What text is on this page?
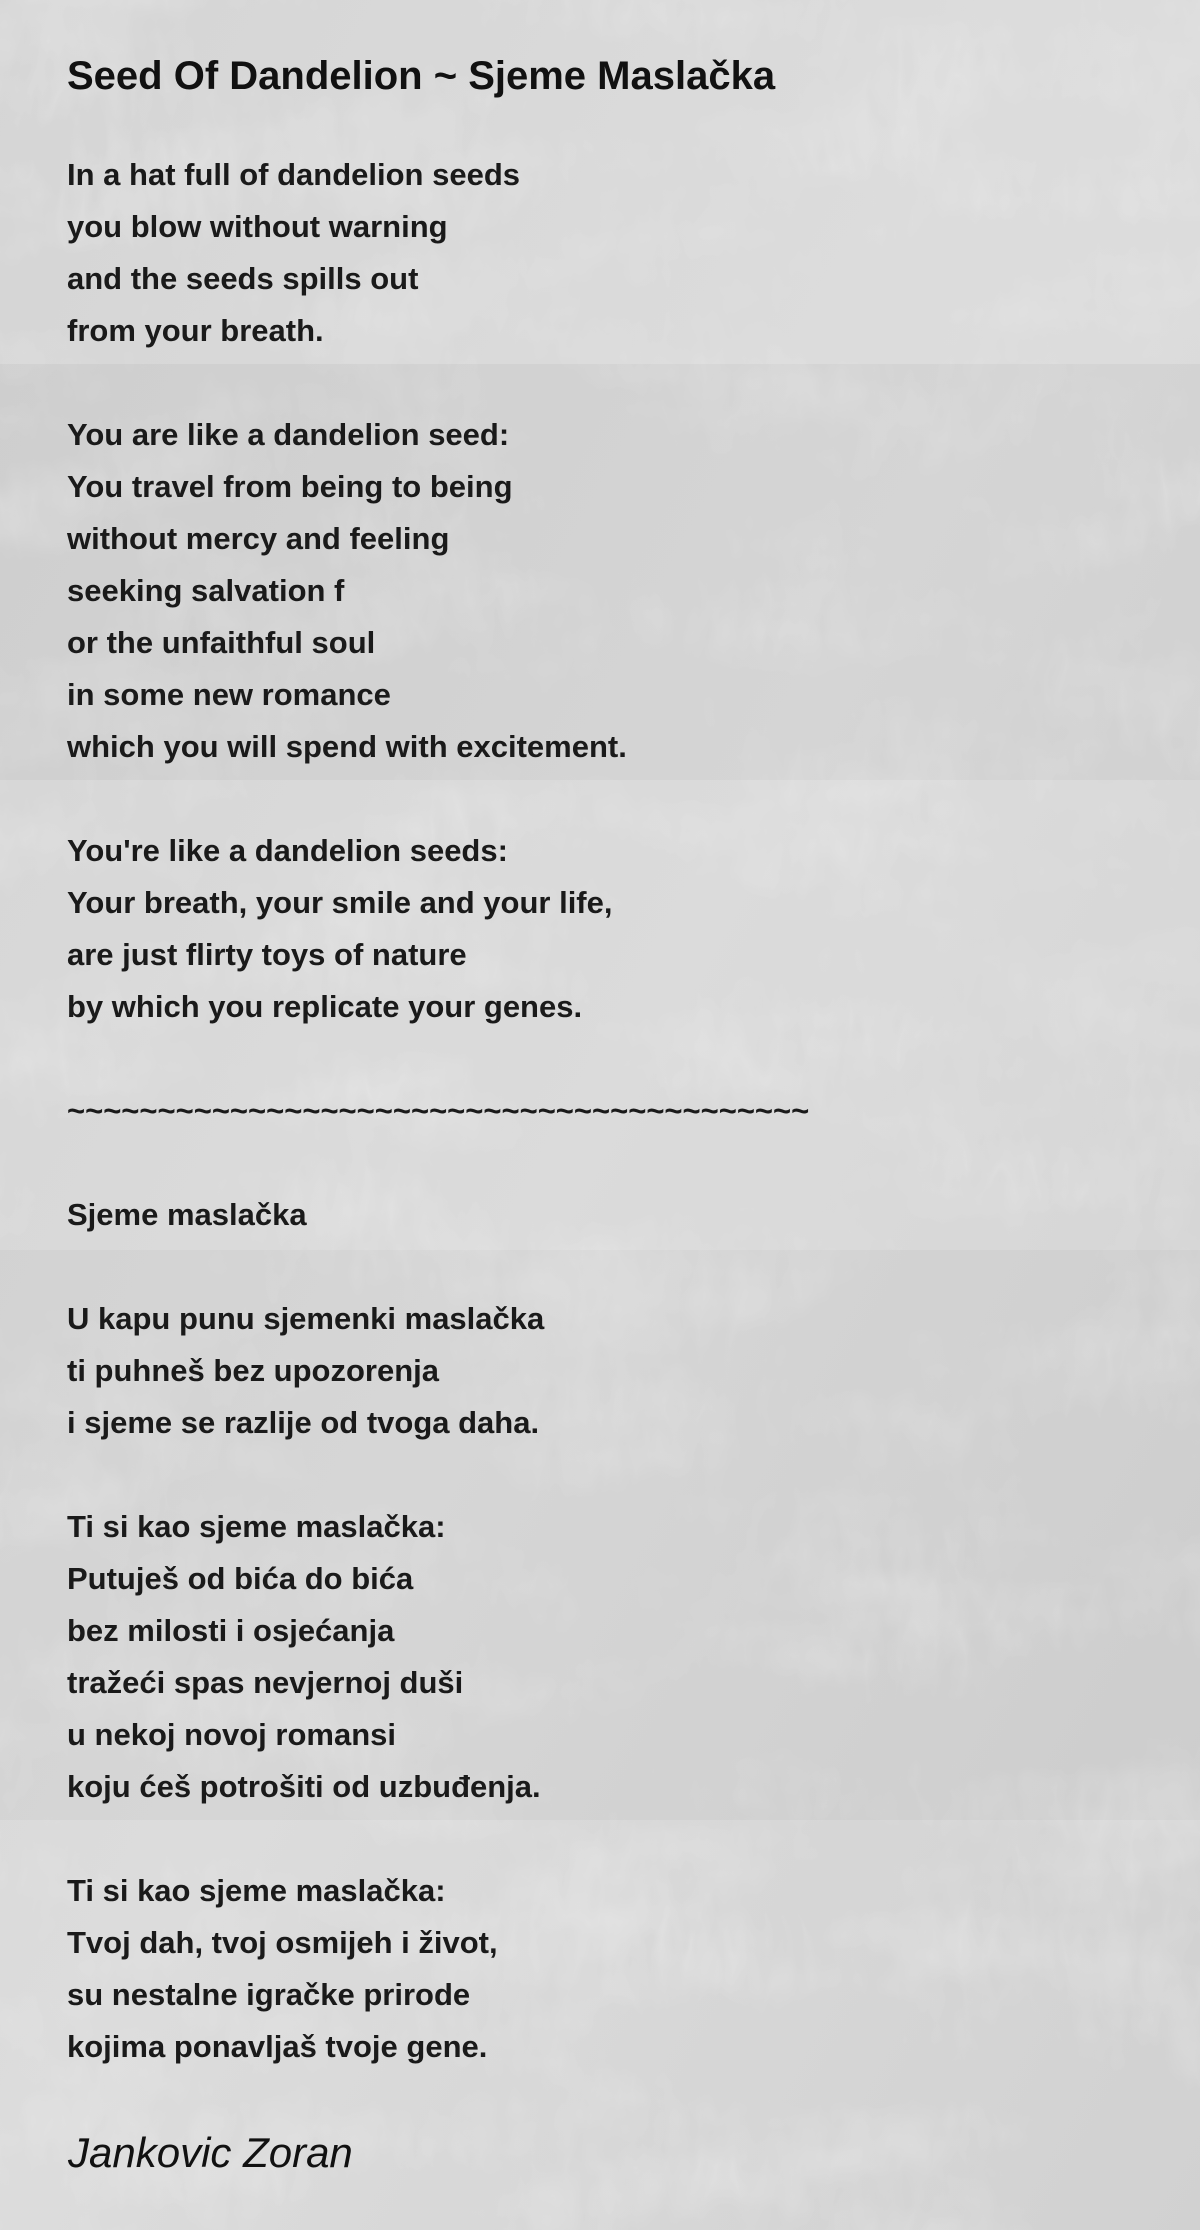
Seed Of Dandelion ~ Sjeme Maslačka
In a hat full of dandelion seeds
you blow without warning
and the seeds spills out
from your breath.
You are like a dandelion seed:
You travel from being to being
without mercy and feeling
seeking salvation f
or the unfaithful soul
in some new romance
which you will spend with excitement.
You're like a dandelion seeds:
Your breath, your smile and your life,
are just flirty toys of nature
by which you replicate your genes.
~~~~~~~~~~~~~~~~~~~~~~~~~~~~~~~~~~~~~~~~~
Sjeme maslačka
U kapu punu sjemenki maslačka
ti puhneš bez upozorenja
i sjeme se razlije od tvoga daha.
Ti si kao sjeme maslačka:
Putuješ od bića do bića
bez milosti i osjećanja
tražeći spas nevjernoj duši
u nekoj novoj romansi
koju ćeš potrošiti od uzbuđenja.
Ti si kao sjeme maslačka:
Tvoj dah, tvoj osmijeh i život,
su nestalne igračke prirode
kojima ponavljaš tvoje gene.
Jankovic Zoran
